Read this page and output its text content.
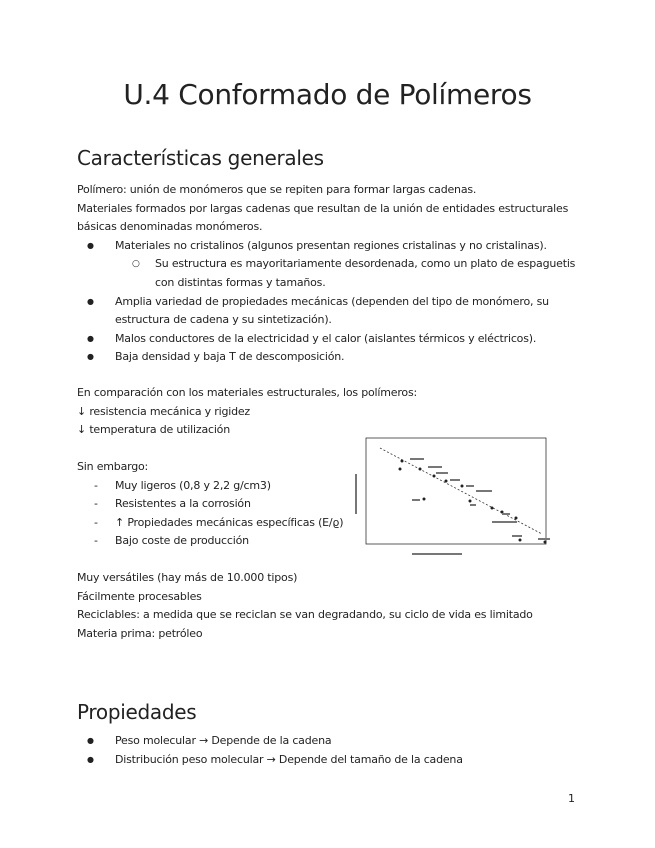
U.4 Conformado de Polímeros
Características generales

Polímero: unión de monómeros que se repiten para formar largas cadenas.

Materiales formados por largas cadenas que resultan de la unión de entidades estructurales básicas denominadas monómeros.

● Materiales no cristalinos (algunos presentan regiones cristalinas y no cristalinas).
○ Su estructura es mayoritariamente desordenada, como un plato de espaguetis con distintas formas y tamaños.
● Amplia variedad de propiedades mecánicas (dependen del tipo de monómero, su estructura de cadena y su sintetización).
● Malos conductores de la electricidad y el calor (aislantes térmicos y eléctricos).
● Baja densidad y baja T de descomposición.

En comparación con los materiales estructurales, los polímeros:

↓ resistencia mecánica y rigidez

↓ temperatura de utilización

Sin embargo:

- Muy ligeros (0,8 y 2,2 g/cm3)
- Resistentes a la corrosión
- ↑ Propiedades mecánicas específicas (E/ϱ)
- Bajo coste de producción

Muy versátiles (hay más de 10.000 tipos)

Fácilmente procesables

Reciclables: a medida que se reciclan se van degradando, su ciclo de vida es limitado

Materia prima: petróleo

Propiedades
● Peso molecular → Depende de la cadena
● Distribución peso molecular → Depende del tamaño de la cadena
1
